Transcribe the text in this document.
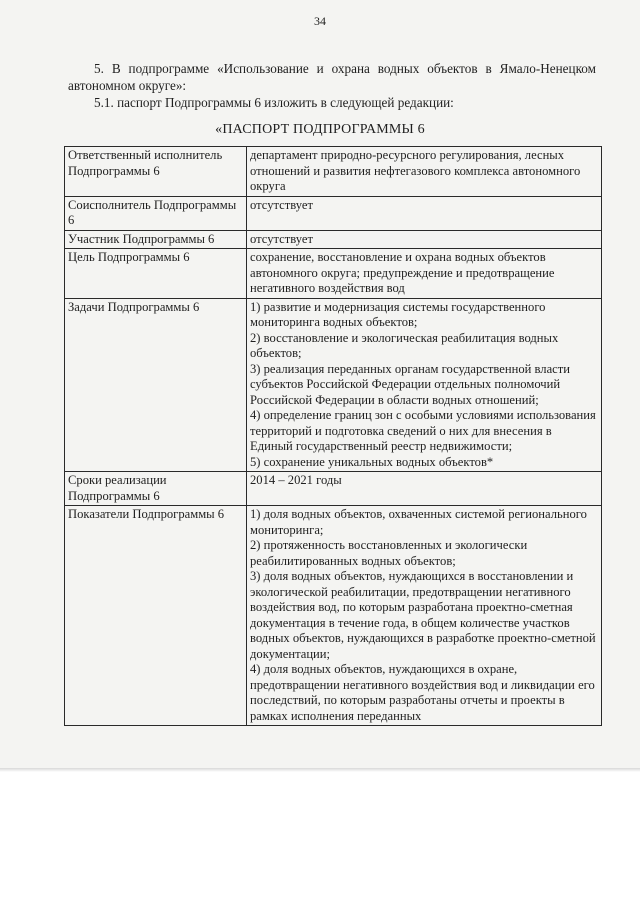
34
5. В подпрограмме «Использование и охрана водных объектов в Ямало-Ненецком автономном округе»:
5.1. паспорт Подпрограммы 6 изложить в следующей редакции:
«ПАСПОРТ ПОДПРОГРАММЫ 6
Ответственный исполнитель Подпрограммы 6	департамент природно-ресурсного регулирования, лесных отношений и развития нефтегазового комплекса автономного округа

Соисполнитель Подпрограммы 6	отсутствует

Участник Подпрограммы 6	отсутствует

Цель Подпрограммы 6	сохранение, восстановление и охрана водных объектов автономного округа; предупреждение и предотвращение негативного воздействия вод

Задачи Подпрограммы 6	1) развитие и модернизация системы государственного мониторинга водных объектов;
2) восстановление и экологическая реабилитация водных объектов;
3) реализация переданных органам государственной власти субъектов Российской Федерации отдельных полномочий Российской Федерации в области водных отношений;
4) определение границ зон с особыми условиями использования территорий и подготовка сведений о них для внесения в Единый государственный реестр недвижимости;
5) сохранение уникальных водных объектов*

Сроки реализации Подпрограммы 6	2014 – 2021 годы

Показатели Подпрограммы 6	1) доля водных объектов, охваченных системой регионального мониторинга;
2) протяженность восстановленных и экологически реабилитированных водных объектов;
3) доля водных объектов, нуждающихся в восстановлении и экологической реабилитации, предотвращении негативного воздействия вод, по которым разработана проектно-сметная документация в течение года, в общем количестве участков водных объектов, нуждающихся в разработке проектно-сметной документации;
4) доля водных объектов, нуждающихся в охране, предотвращении негативного воздействия вод и ликвидации его последствий, по которым разработаны отчеты и проекты в рамках исполнения переданных
